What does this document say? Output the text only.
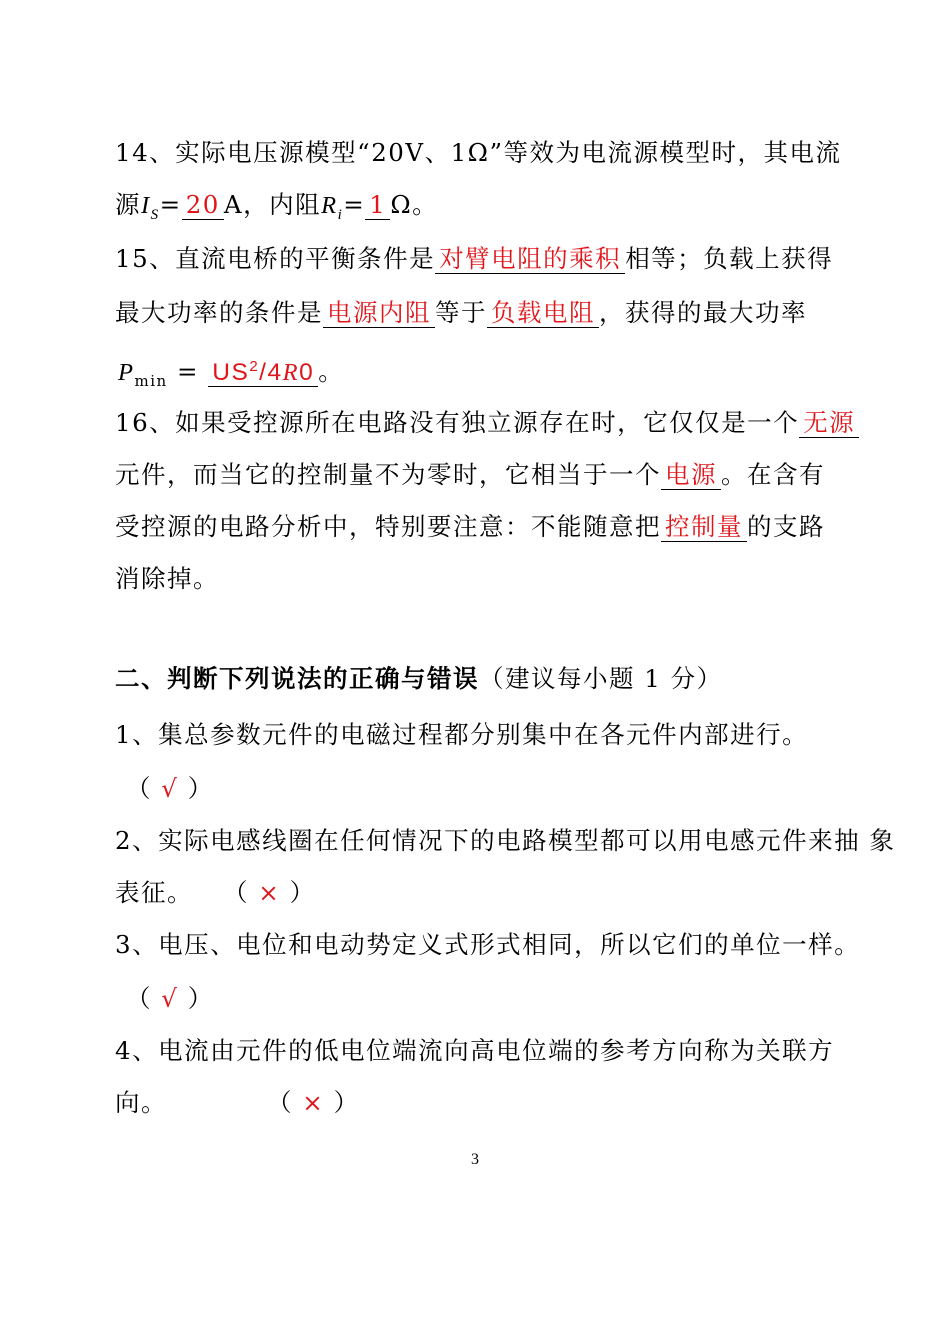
14、实际电压源模型“20V、1Ω”等效为电流源模型时，其电流
源$I_S= 20$ A，内阻$R_i= 1$ Ω。
15、直流电桥的平衡条件是 对臂电阻的乘积 相等；负载上获得
最大功率的条件是 电源内阻 等于 负载电阻 ，获得的最大功率
$P_{min} = US^2/4R0$ 。
16、如果受控源所在电路没有独立源存在时，它仅仅是一个 无源
元件，而当它的控制量不为零时，它相当于一个 电源 。在含有
受控源的电路分析中，特别要注意：不能随意把 控制量 的支路
消除掉。
二、判断下列说法的正确与错误（建议每小题 1 分）
1、集总参数元件的电磁过程都分别集中在各元件内部进行。
（ √ ）
2、实际电感线圈在任何情况下的电路模型都可以用电感元件来抽 象
表征。 （ × ）
3、电压、电位和电动势定义式形式相同，所以它们的单位一样。
（ √ ）
4、电流由元件的低电位端流向高电位端的参考方向称为关联方
向。	（ × ）
3
